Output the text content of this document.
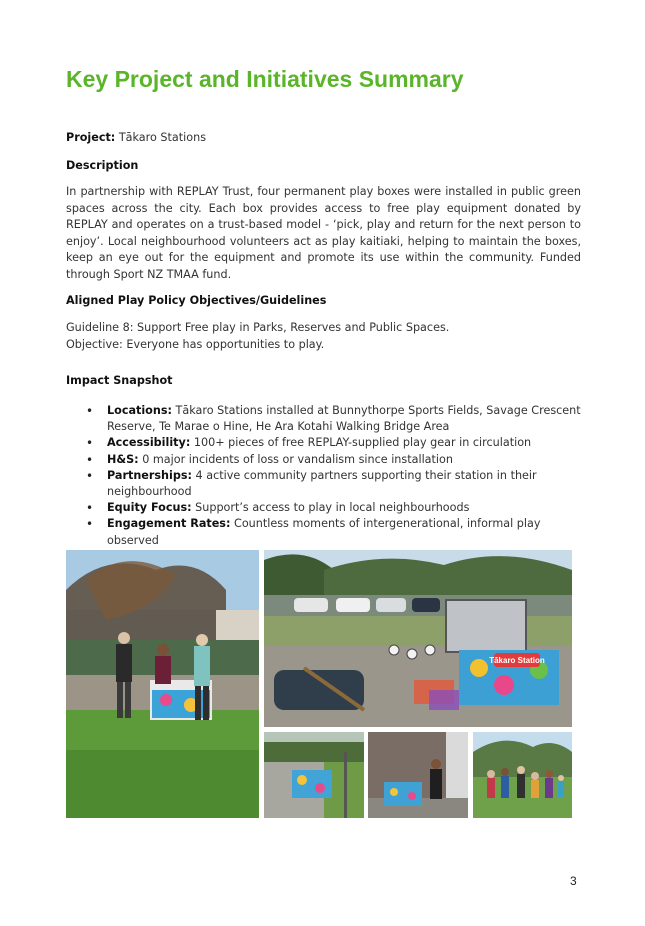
Key Project and Initiatives Summary
Project: Tākaro Stations
Description
In partnership with REPLAY Trust, four permanent play boxes were installed in public green spaces across the city. Each box provides access to free play equipment donated by REPLAY and operates on a trust-based model - ‘pick, play and return for the next person to enjoy’. Local neighbourhood volunteers act as play kaitiaki, helping to maintain the boxes, keep an eye out for the equipment and promote its use within the community. Funded through Sport NZ TMAA fund.
Aligned Play Policy Objectives/Guidelines
Guideline 8: Support Free play in Parks, Reserves and Public Spaces.
Objective: Everyone has opportunities to play.
Impact Snapshot
• Locations: Tākaro Stations installed at Bunnythorpe Sports Fields, Savage Crescent Reserve, Te Marae o Hine, He Ara Kotahi Walking Bridge Area
• Accessibility: 100+ pieces of free REPLAY-supplied play gear in circulation
• H&S: 0 major incidents of loss or vandalism since installation
• Partnerships: 4 active community partners supporting their station in their neighbourhood
• Equity Focus: Support’s access to play in local neighbourhoods
• Engagement Rates: Countless moments of intergenerational, informal play observed
Tākaro Station
3
